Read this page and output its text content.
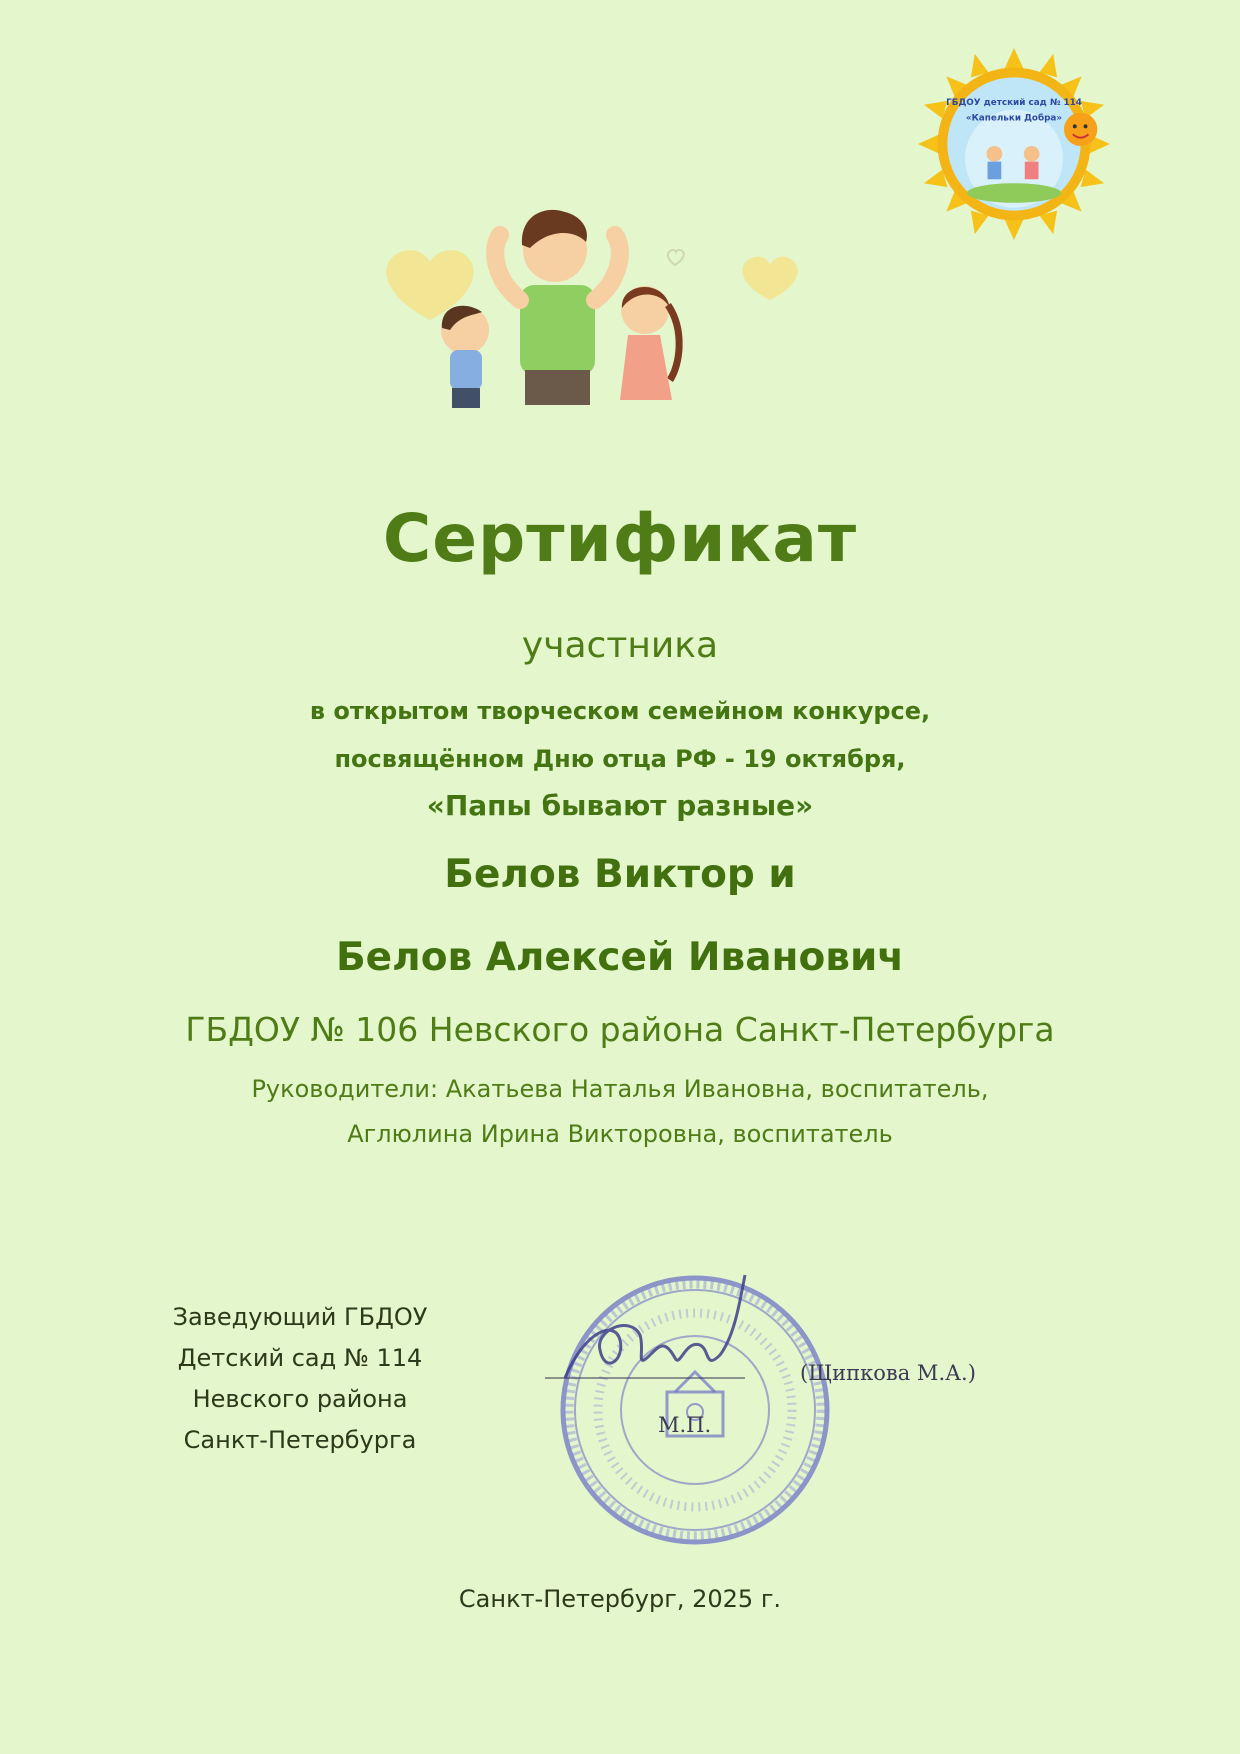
ГБДОУ детский сад № 114
«Капельки Добра»
Сертификат
участника
в открытом творческом семейном конкурсе,
посвящённом Дню отца РФ - 19 октября,
«Папы бывают разные»
Белов Виктор и
Белов Алексей Иванович
ГБДОУ № 106 Невского района Санкт-Петербурга
Руководители: Акатьева Наталья Ивановна, воспитатель,
Аглюлина Ирина Викторовна, воспитатель
Заведующий ГБДОУ
Детский сад № 114
Невского района
Санкт-Петербурга
(Щипкова М.А.)
М.П.
Санкт-Петербург, 2025 г.
